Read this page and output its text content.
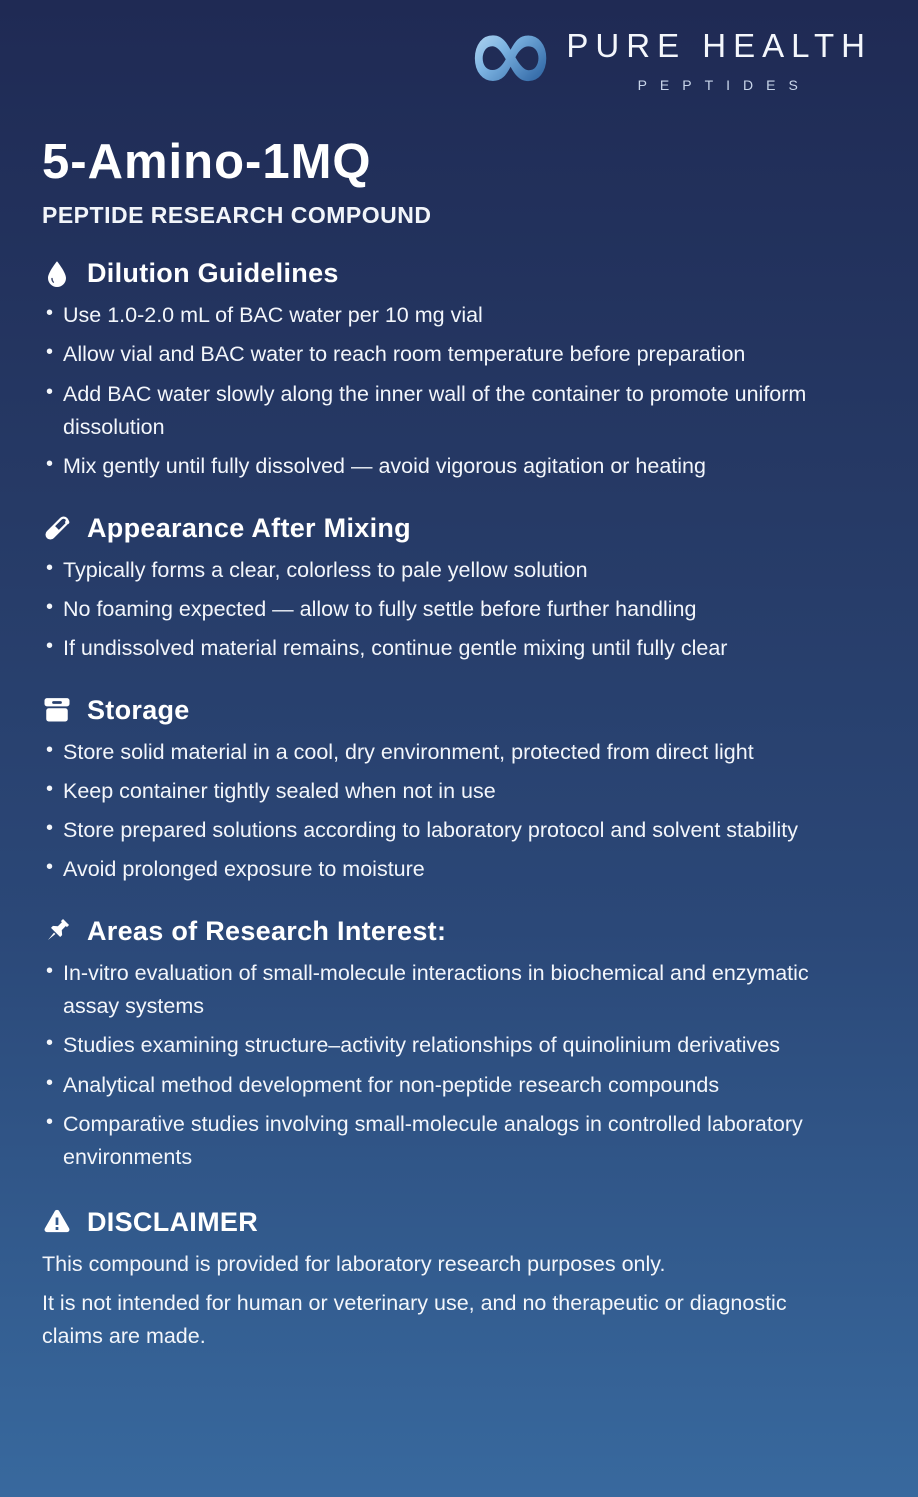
∞ PURE HEALTH
PEPTIDES
5-Amino-1MQ
PEPTIDE RESEARCH COMPOUND
Dilution Guidelines
• Use 1.0-2.0 mL of BAC water per 10 mg vial
• Allow vial and BAC water to reach room temperature before preparation
• Add BAC water slowly along the inner wall of the container to promote uniform dissolution
• Mix gently until fully dissolved — avoid vigorous agitation or heating
Appearance After Mixing
• Typically forms a clear, colorless to pale yellow solution
• No foaming expected — allow to fully settle before further handling
• If undissolved material remains, continue gentle mixing until fully clear
Storage
• Store solid material in a cool, dry environment, protected from direct light
• Keep container tightly sealed when not in use
• Store prepared solutions according to laboratory protocol and solvent stability
• Avoid prolonged exposure to moisture
Areas of Research Interest:
• In-vitro evaluation of small-molecule interactions in biochemical and enzymatic assay systems
• Studies examining structure–activity relationships of quinolinium derivatives
• Analytical method development for non-peptide research compounds
• Comparative studies involving small-molecule analogs in controlled laboratory environments
DISCLAIMER

This compound is provided for laboratory research purposes only.

It is not intended for human or veterinary use, and no therapeutic or diagnostic claims are made.
